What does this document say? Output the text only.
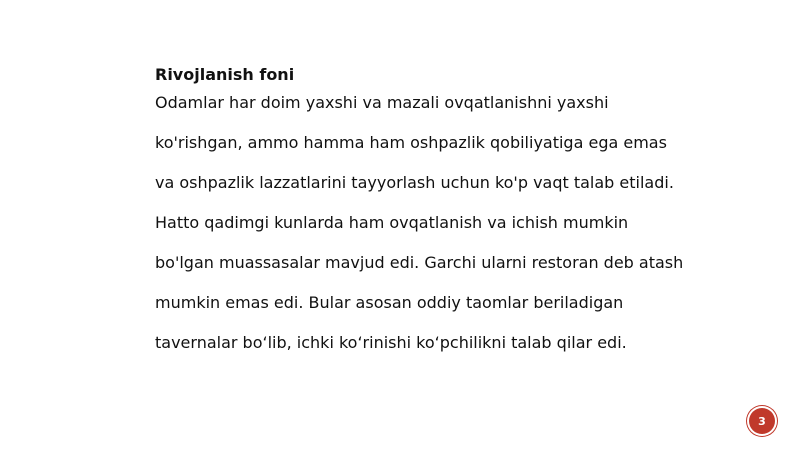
Rivojlanish foni
Odamlar har doim yaxshi va mazali ovqatlanishni yaxshi
ko'rishgan, ammo hamma ham oshpazlik qobiliyatiga ega emas
va oshpazlik lazzatlarini tayyorlash uchun ko'p vaqt talab etiladi.
Hatto qadimgi kunlarda ham ovqatlanish va ichish mumkin
bo'lgan muassasalar mavjud edi. Garchi ularni restoran deb atash
mumkin emas edi. Bular asosan oddiy taomlar beriladigan
tavernalar bo‘lib, ichki ko‘rinishi ko‘pchilikni talab qilar edi.
3
